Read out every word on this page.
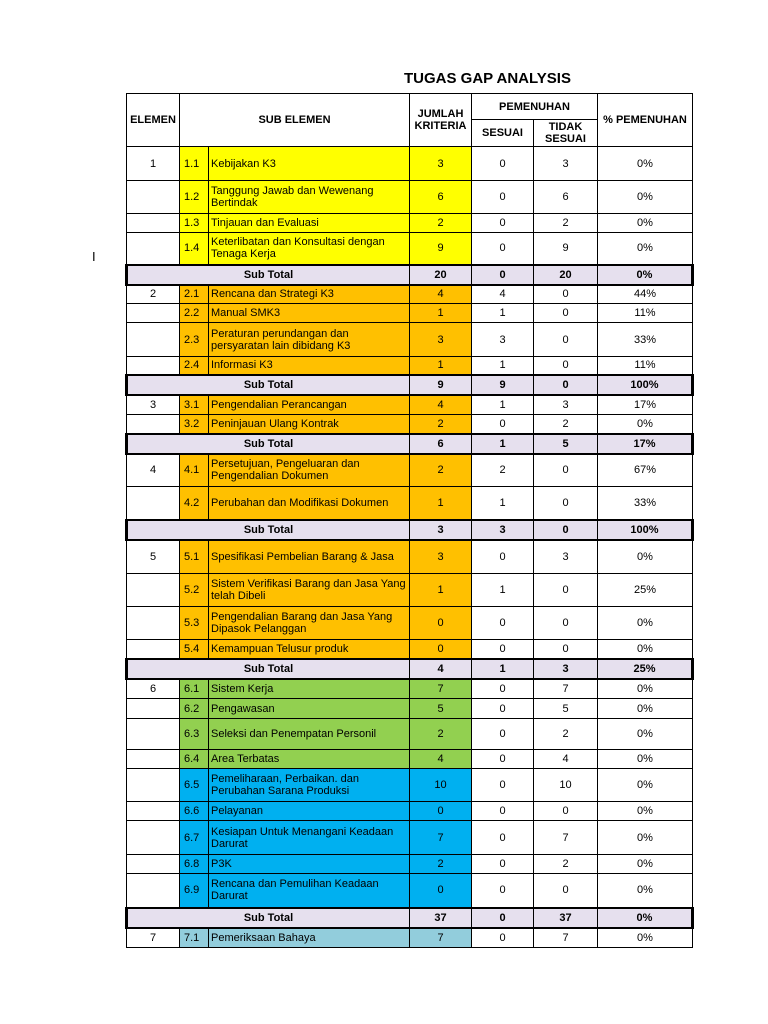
TUGAS GAP ANALYSIS
I
ELEMEN	SUB ELEMEN		JUMLAH KRITERIA	PEMENUHAN		% PEMENUHAN
				SESUAI	TIDAK SESUAI	
1	1.1	Kebijakan K3	3	0	3	0%
	1.2	Tanggung Jawab dan Wewenang Bertindak	6	0	6	0%
	1.3	Tinjauan dan Evaluasi	2	0	2	0%
	1.4	Keterlibatan dan Konsultasi dengan Tenaga Kerja	9	0	9	0%
Sub Total			20	0	20	0%
2	2.1	Rencana dan Strategi K3	4	4	0	44%
	2.2	Manual SMK3	1	1	0	11%
	2.3	Peraturan perundangan dan persyaratan lain dibidang K3	3	3	0	33%
	2.4	Informasi K3	1	1	0	11%
Sub Total			9	9	0	100%
3	3.1	Pengendalian Perancangan	4	1	3	17%
	3.2	Peninjauan Ulang Kontrak	2	0	2	0%
Sub Total			6	1	5	17%
4	4.1	Persetujuan, Pengeluaran dan Pengendalian Dokumen	2	2	0	67%
	4.2	Perubahan dan Modifikasi Dokumen	1	1	0	33%
Sub Total			3	3	0	100%
5	5.1	Spesifikasi Pembelian Barang & Jasa	3	0	3	0%
	5.2	Sistem Verifikasi Barang dan Jasa Yang telah Dibeli	1	1	0	25%
	5.3	Pengendalian Barang dan Jasa Yang Dipasok Pelanggan	0	0	0	0%
	5.4	Kemampuan Telusur produk	0	0	0	0%
Sub Total			4	1	3	25%
6	6.1	Sistem Kerja	7	0	7	0%
	6.2	Pengawasan	5	0	5	0%
	6.3	Seleksi dan Penempatan Personil	2	0	2	0%
	6.4	Area Terbatas	4	0	4	0%
	6.5	Pemeliharaan, Perbaikan. dan Perubahan Sarana Produksi	10	0	10	0%
	6.6	Pelayanan	0	0	0	0%
	6.7	Kesiapan Untuk Menangani Keadaan Darurat	7	0	7	0%
	6.8	P3K	2	0	2	0%
	6.9	Rencana dan Pemulihan Keadaan Darurat	0	0	0	0%
Sub Total			37	0	37	0%
7	7.1	Pemeriksaan Bahaya	7	0	7	0%
